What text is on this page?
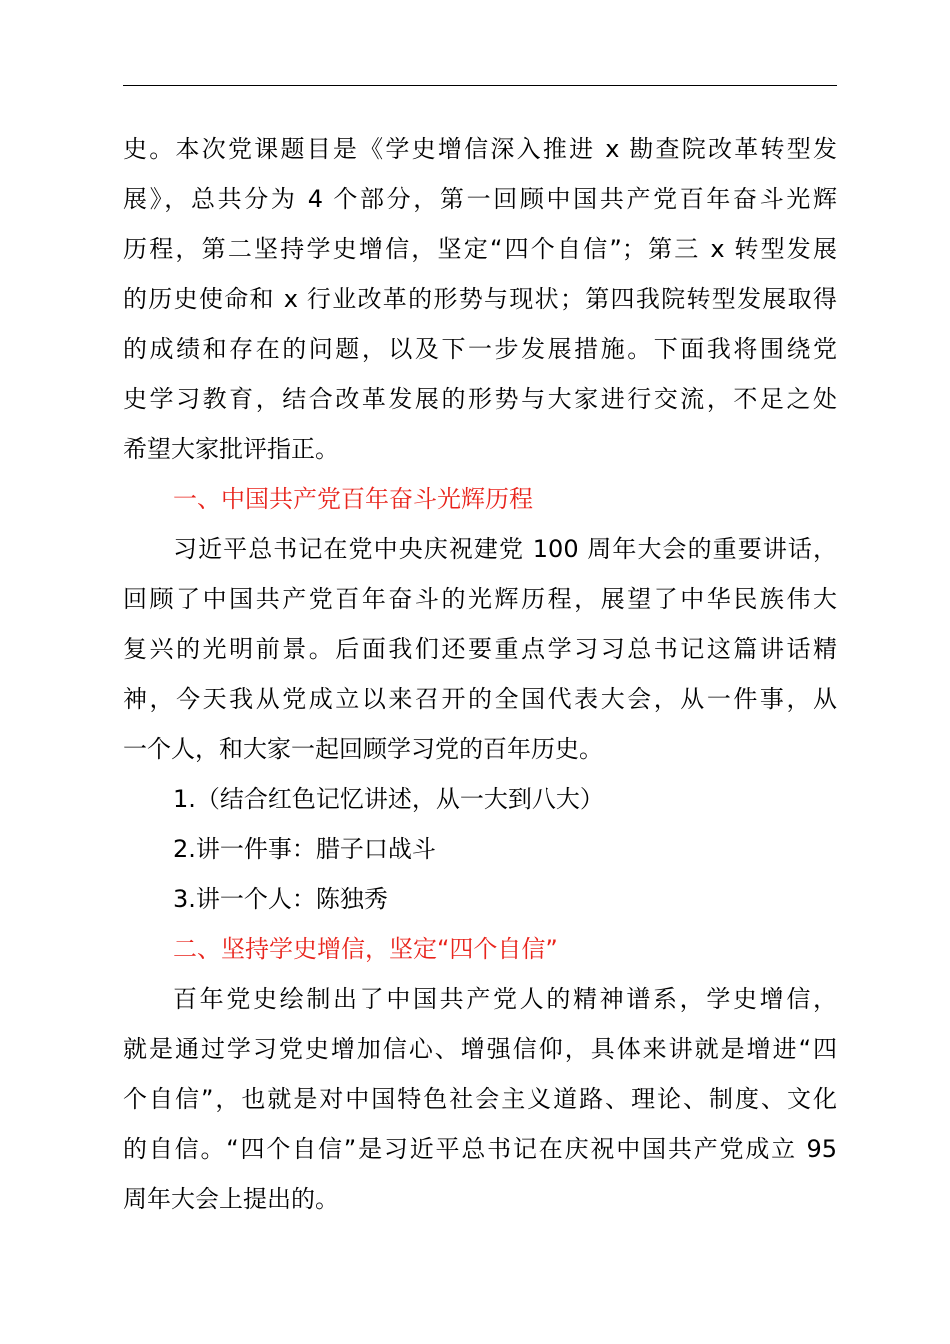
史。本次党课题目是《学史增信深入推进 x 勘查院改革转型发
展》，总共分为 4 个部分，第一回顾中国共产党百年奋斗光辉
历程，第二坚持学史增信，坚定“四个自信”；第三 x 转型发展
的历史使命和 x 行业改革的形势与现状；第四我院转型发展取得
的成绩和存在的问题，以及下一步发展措施。下面我将围绕党
史学习教育，结合改革发展的形势与大家进行交流，不足之处
希望大家批评指正。
一、中国共产党百年奋斗光辉历程
习近平总书记在党中央庆祝建党 100 周年大会的重要讲话，
回顾了中国共产党百年奋斗的光辉历程，展望了中华民族伟大
复兴的光明前景。后面我们还要重点学习习总书记这篇讲话精
神，今天我从党成立以来召开的全国代表大会，从一件事，从
一个人，和大家一起回顾学习党的百年历史。
1.（结合红色记忆讲述，从一大到八大）
2.讲一件事：腊子口战斗
3.讲一个人：陈独秀
二、坚持学史增信，坚定“四个自信”
百年党史绘制出了中国共产党人的精神谱系，学史增信，
就是通过学习党史增加信心、增强信仰，具体来讲就是增进“四
个自信”，也就是对中国特色社会主义道路、理论、制度、文化
的自信。“四个自信”是习近平总书记在庆祝中国共产党成立 95
周年大会上提出的。
